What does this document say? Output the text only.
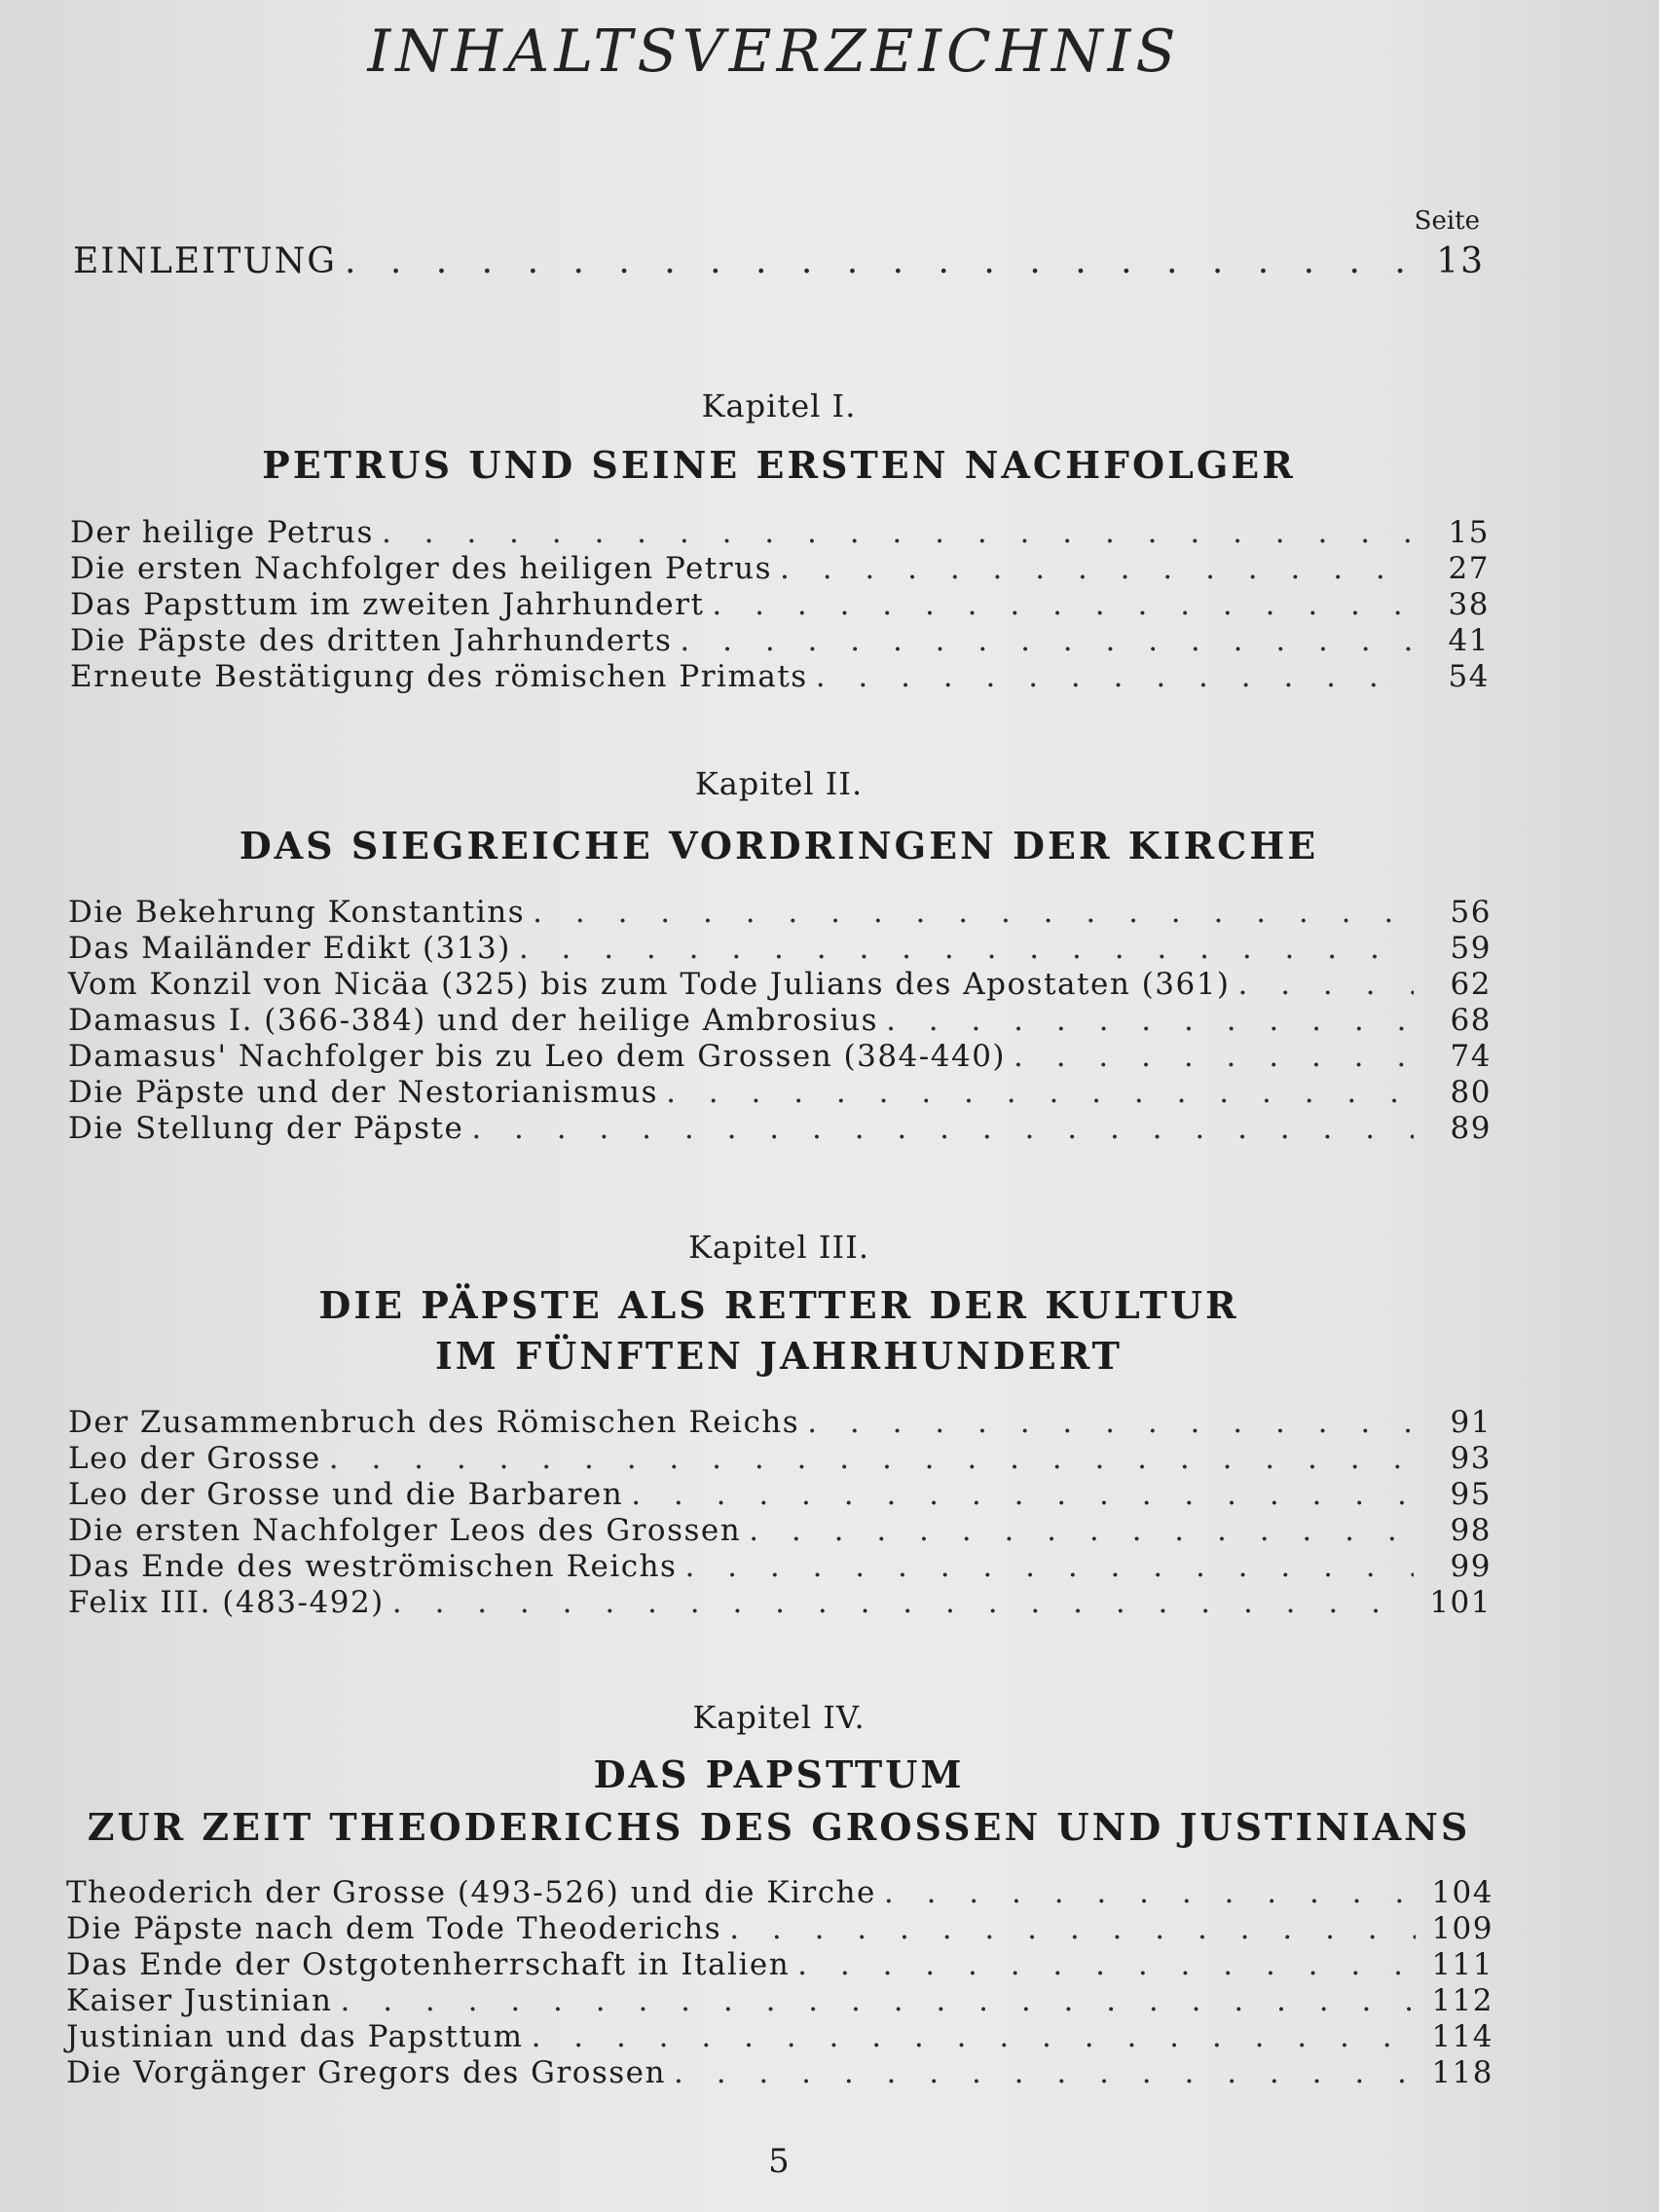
INHALTSVERZEICHNIS
Seite
EINLEITUNG . . .	13
Kapitel I.
PETRUS UND SEINE ERSTEN NACHFOLGER
Der heilige Petrus . . .	15
Die ersten Nachfolger des heiligen Petrus . . .	27
Das Papsttum im zweiten Jahrhundert . . .	38
Die Päpste des dritten Jahrhunderts . . .	41
Erneute Bestätigung des römischen Primats . . .	54
Kapitel II.
DAS SIEGREICHE VORDRINGEN DER KIRCHE
Die Bekehrung Konstantins . . .	56
Das Mailänder Edikt (313) . . .	59
Vom Konzil von Nicäa (325) bis zum Tode Julians des Apostaten (361) . . .	62
Damasus I. (366-384) und der heilige Ambrosius . . .	68
Damasus' Nachfolger bis zu Leo dem Grossen (384-440) . . .	74
Die Päpste und der Nestorianismus . . .	80
Die Stellung der Päpste . . .	89
Kapitel III.
DIE PÄPSTE ALS RETTER DER KULTUR
IM FÜNFTEN JAHRHUNDERT
Der Zusammenbruch des Römischen Reichs . . .	91
Leo der Grosse . . .	93
Leo der Grosse und die Barbaren . . .	95
Die ersten Nachfolger Leos des Grossen . . .	98
Das Ende des weströmischen Reichs . . .	99
Felix III. (483-492) . . .	101
Kapitel IV.
DAS PAPSTTUM
ZUR ZEIT THEODERICHS DES GROSSEN UND JUSTINIANS
Theoderich der Grosse (493-526) und die Kirche . . .	104
Die Päpste nach dem Tode Theoderichs . . .	109
Das Ende der Ostgotenherrschaft in Italien . . .	111
Kaiser Justinian . . .	112
Justinian und das Papsttum . . .	114
Die Vorgänger Gregors des Grossen . . .	118
5
